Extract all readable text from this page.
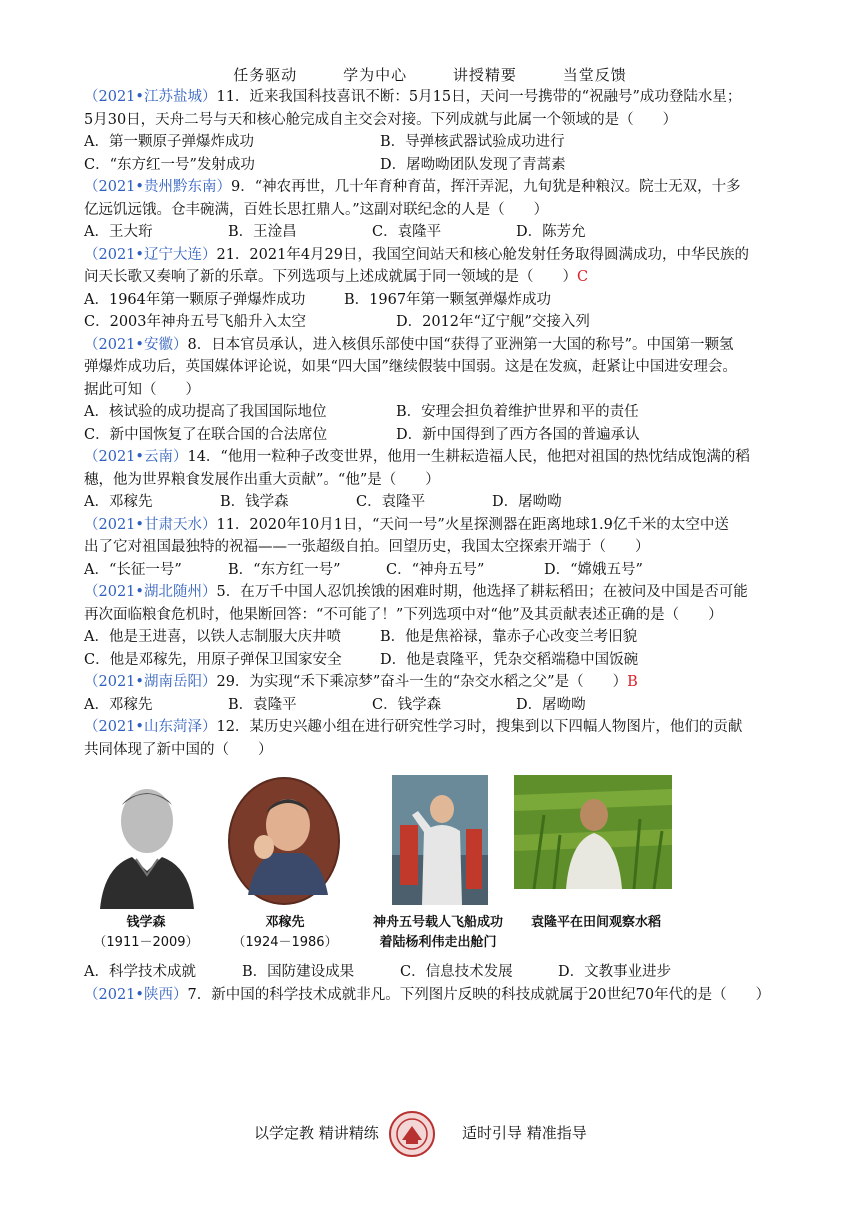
任务驱动	学为中心	讲授精要	当堂反馈
（2021•江苏盐城）11．近来我国科技喜讯不断：5月15日，天问一号携带的“祝融号”成功登陆水星；
5月30日，天舟二号与天和核心舱完成自主交会对接。下列成就与此属一个领域的是（　　）
A．第一颗原子弹爆炸成功	B．导弹核武器试验成功进行
C．“东方红一号”发射成功	D．屠呦呦团队发现了青蒿素
（2021•贵州黔东南）9．“神农再世，几十年育种育苗，挥汗弄泥，九旬犹是种粮汉。院士无双，十多
亿远饥远饿。仓丰碗满，百姓长思扛鼎人。”这副对联纪念的人是（　　）
A．王大珩	B．王淦昌	C．袁隆平	D．陈芳允
（2021•辽宁大连）21．2021年4月29日，我国空间站天和核心舱发射任务取得圆满成功，中华民族的
问天长歌又奏响了新的乐章。下列选项与上述成就属于同一领域的是（　　）C
A．1964年第一颗原子弹爆炸成功	B．1967年第一颗氢弹爆炸成功
C．2003年神舟五号飞船升入太空	D．2012年“辽宁舰”交接入列
（2021•安徽）8．日本官员承认，进入核俱乐部使中国“获得了亚洲第一大国的称号”。中国第一颗氢
弹爆炸成功后，英国媒体评论说，如果“四大国”继续假装中国弱。这是在发疯，赶紧让中国进安理会。
据此可知（　　）
A．核试验的成功提高了我国国际地位	B．安理会担负着维护世界和平的责任
C．新中国恢复了在联合国的合法席位	D．新中国得到了西方各国的普遍承认
（2021•云南）14．“他用一粒种子改变世界，他用一生耕耘造福人民，他把对祖国的热忱结成饱满的稻
穗，他为世界粮食发展作出重大贡献”。“他”是（　　）
A．邓稼先	B．钱学森	C．袁隆平	D．屠呦呦
（2021•甘肃天水）11．2020年10月1日，“天问一号”火星探测器在距离地球1.9亿千米的太空中送
出了它对祖国最独特的祝福——一张超级自拍。回望历史，我国太空探索开端于（　　）
A．“长征一号”	B．“东方红一号”	C．“神舟五号”	D．“嫦娥五号”
（2021•湖北随州）5．在万千中国人忍饥挨饿的困难时期，他选择了耕耘稻田；在被问及中国是否可能
再次面临粮食危机时，他果断回答：“不可能了！”下列选项中对“他”及其贡献表述正确的是（　　）
A．他是王进喜，以铁人志制服大庆井喷	B．他是焦裕禄，靠赤子心改变兰考旧貌
C．他是邓稼先，用原子弹保卫国家安全	D．他是袁隆平，凭杂交稻端稳中国饭碗
（2021•湖南岳阳）29．为实现“禾下乘凉梦”奋斗一生的“杂交水稻之父”是（　　）B
A．邓稼先	B．袁隆平	C．钱学森	D．屠呦呦
（2021•山东菏泽）12．某历史兴趣小组在进行研究性学习时，搜集到以下四幅人物图片，他们的贡献
共同体现了新中国的（　　）
钱学森
（1911－2009）
邓稼先
（1924－1986）
神舟五号载人飞船成功
着陆杨利伟走出舱门
袁隆平在田间观察水稻
A．科学技术成就	B．国防建设成果	C．信息技术发展	D．文教事业进步
（2021•陕西）7．新中国的科学技术成就非凡。下列图片反映的科技成就属于20世纪70年代的是（　　）
以学定教 精讲精练	适时引导 精准指导
